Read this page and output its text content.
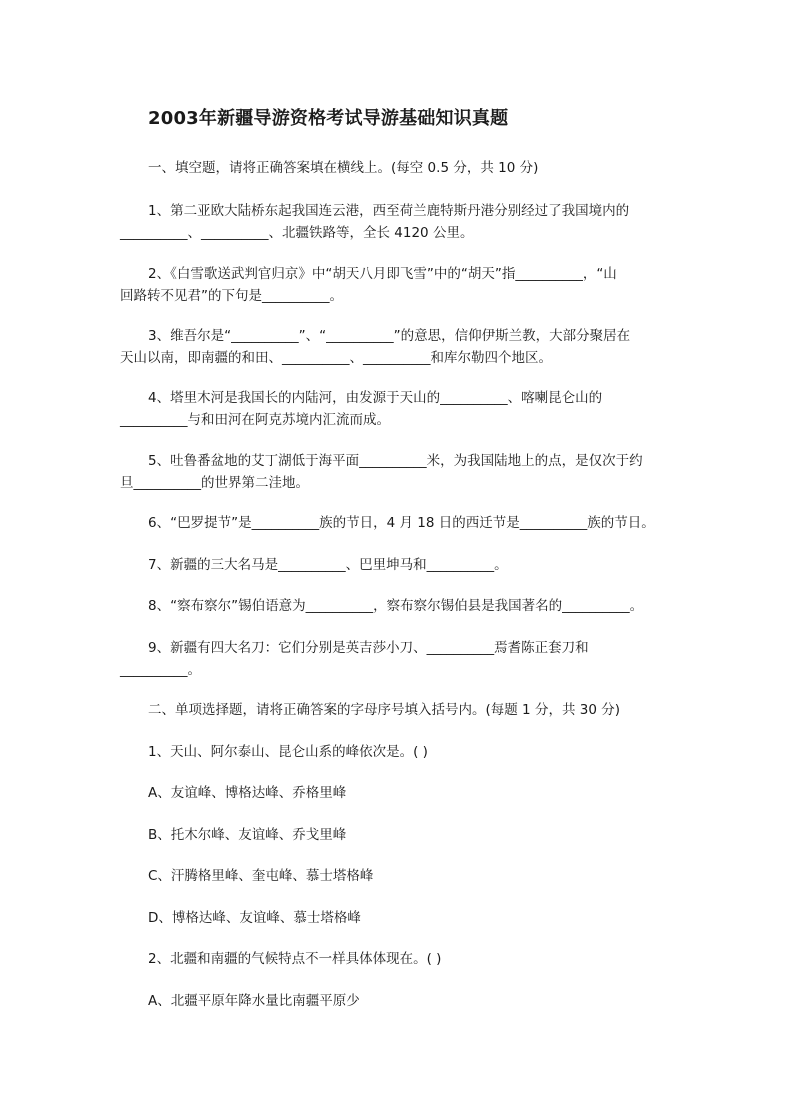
2003年新疆导游资格考试导游基础知识真题
一、填空题，请将正确答案填在横线上。(每空 0.5 分，共 10 分)
1、第二亚欧大陆桥东起我国连云港，西至荷兰鹿特斯丹港分别经过了我国境内的
__________、__________、北疆铁路等，全长 4120 公里。
2、《白雪歌送武判官归京》中“胡天八月即飞雪”中的“胡天”指__________，“山
回路转不见君”的下句是__________。
3、维吾尔是“__________”、“__________”的意思，信仰伊斯兰教，大部分聚居在
天山以南，即南疆的和田、__________、__________和库尔勒四个地区。
4、塔里木河是我国长的内陆河，由发源于天山的__________、喀喇昆仑山的
__________与和田河在阿克苏境内汇流而成。
5、吐鲁番盆地的艾丁湖低于海平面__________米，为我国陆地上的点，是仅次于约
旦__________的世界第二洼地。
6、“巴罗提节”是__________族的节日，4 月 18 日的西迁节是__________族的节日。
7、新疆的三大名马是__________、巴里坤马和__________。
8、“察布察尔”锡伯语意为__________，察布察尔锡伯县是我国著名的__________。
9、新疆有四大名刀：它们分别是英吉莎小刀、__________焉耆陈正套刀和
__________。
二、单项选择题，请将正确答案的字母序号填入括号内。(每题 1 分，共 30 分)
1、天山、阿尔泰山、昆仑山系的峰依次是。( )
A、友谊峰、博格达峰、乔格里峰
B、托木尔峰、友谊峰、乔戈里峰
C、汗腾格里峰、奎屯峰、慕士塔格峰
D、博格达峰、友谊峰、慕士塔格峰
2、北疆和南疆的气候特点不一样具体体现在。( )
A、北疆平原年降水量比南疆平原少
